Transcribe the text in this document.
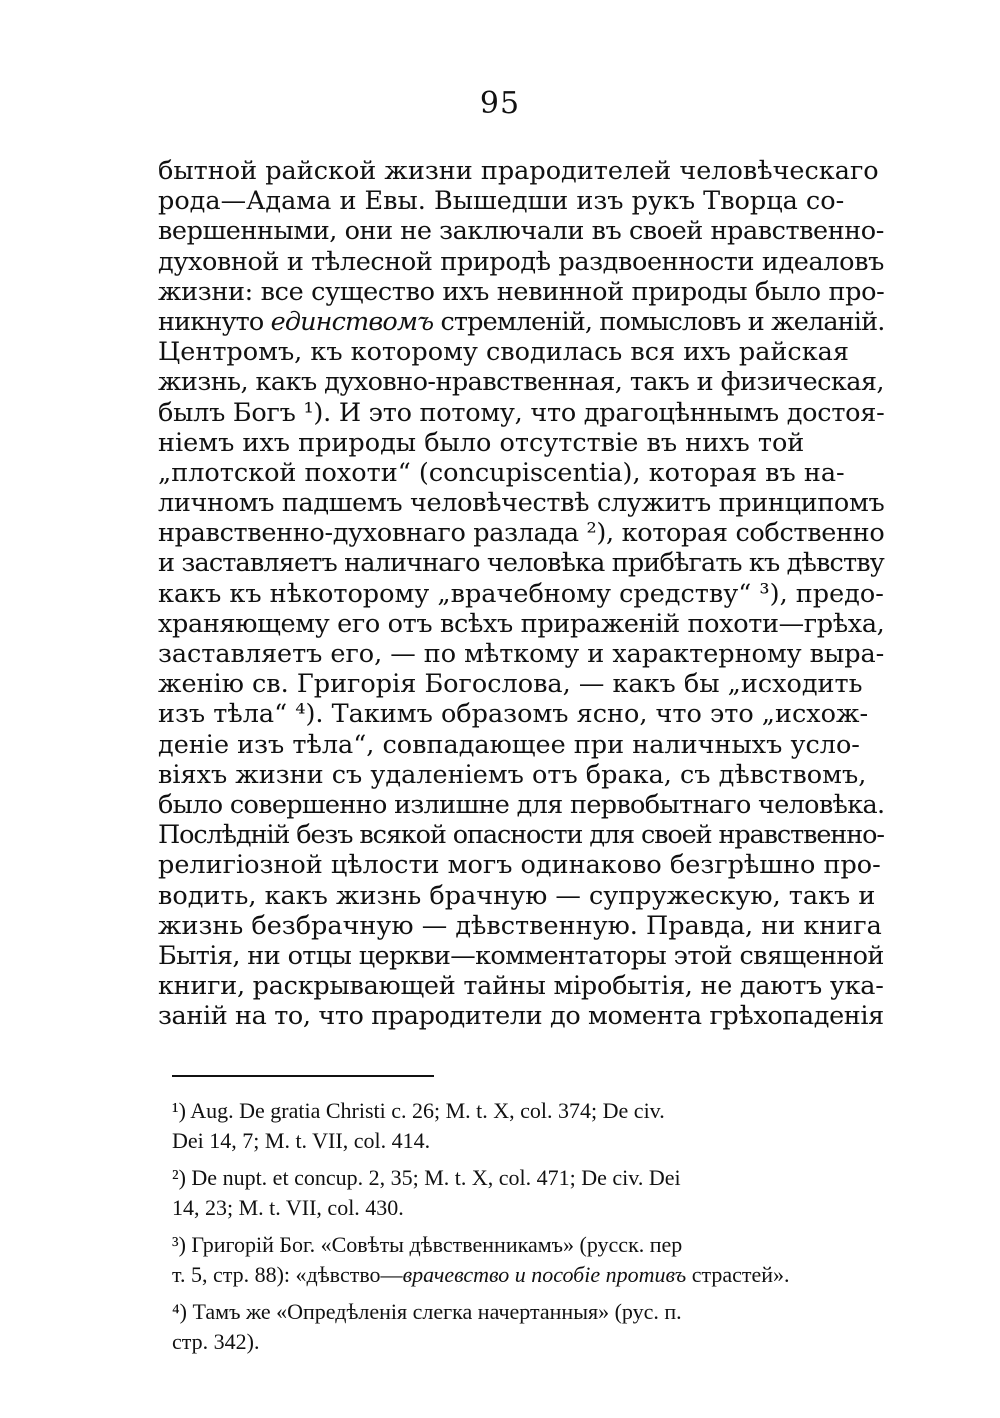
95
бытной райской жизни прародителей человѣческаго
рода—Адама и Евы. Вышедши изъ рукъ Творца со-
вершенными, они не заключали въ своей нравственно-
духовной и тѣлесной природѣ раздвоенности идеаловъ
жизни: все существо ихъ невинной природы было про-
никнуто единствомъ стремленій, помысловъ и желаній.
Центромъ, къ которому сводилась вся ихъ райская
жизнь, какъ духовно-нравственная, такъ и физическая,
былъ Богъ ¹). И это потому, что драгоцѣннымъ достоя-
ніемъ ихъ природы было отсутствіе въ нихъ той
„плотской похоти“ (concupiscentia), которая въ на-
личномъ падшемъ человѣчествѣ служитъ принципомъ
нравственно-духовнаго разлада ²), которая собственно
и заставляетъ наличнаго человѣка прибѣгать къ дѣвству
какъ къ нѣкоторому „врачебному средству“ ³), предо-
храняющему его отъ всѣхъ приражeній похоти—грѣха,
заставляетъ его, — по мѣткому и характерному выра-
женію св. Григорія Богослова, — какъ бы „исходить
изъ тѣла“ ⁴). Такимъ образомъ ясно, что это „исхож-
деніе изъ тѣла“, совпадающее при наличныхъ усло-
віяхъ жизни съ удаленіемъ отъ брака, съ дѣвствомъ,
было совершенно излишне для первобытнаго человѣка.
Послѣдній безъ всякой опасности для своей нравственно-
религіозной цѣлости могъ одинаково безгрѣшно про-
водить, какъ жизнь брачную — супружескую, такъ и
жизнь безбрачную — дѣвственную. Правда, ни книга
Бытія, ни отцы церкви—комментаторы этой священной
книги, раскрывающей тайны міробытія, не даютъ ука-
заній на то, что прародители до момента грѣхопаденія
¹) Aug. De gratia Christi c. 26; M. t. X, col. 374; De civ.
Dei 14, 7; M. t. VII, col. 414.
²) De nupt. et concup. 2, 35; M. t. X, col. 471; De civ. Dei
14, 23; M. t. VII, col. 430.
³) Григорій Бог. «Совѣты дѣвственникамъ» (русск. пер
т. 5, стр. 88): «дѣвство—врачевство и пособіе противъ страстей».
⁴) Тамъ же «Опредѣленія слегка начертанныя» (рус. п.
стр. 342).
